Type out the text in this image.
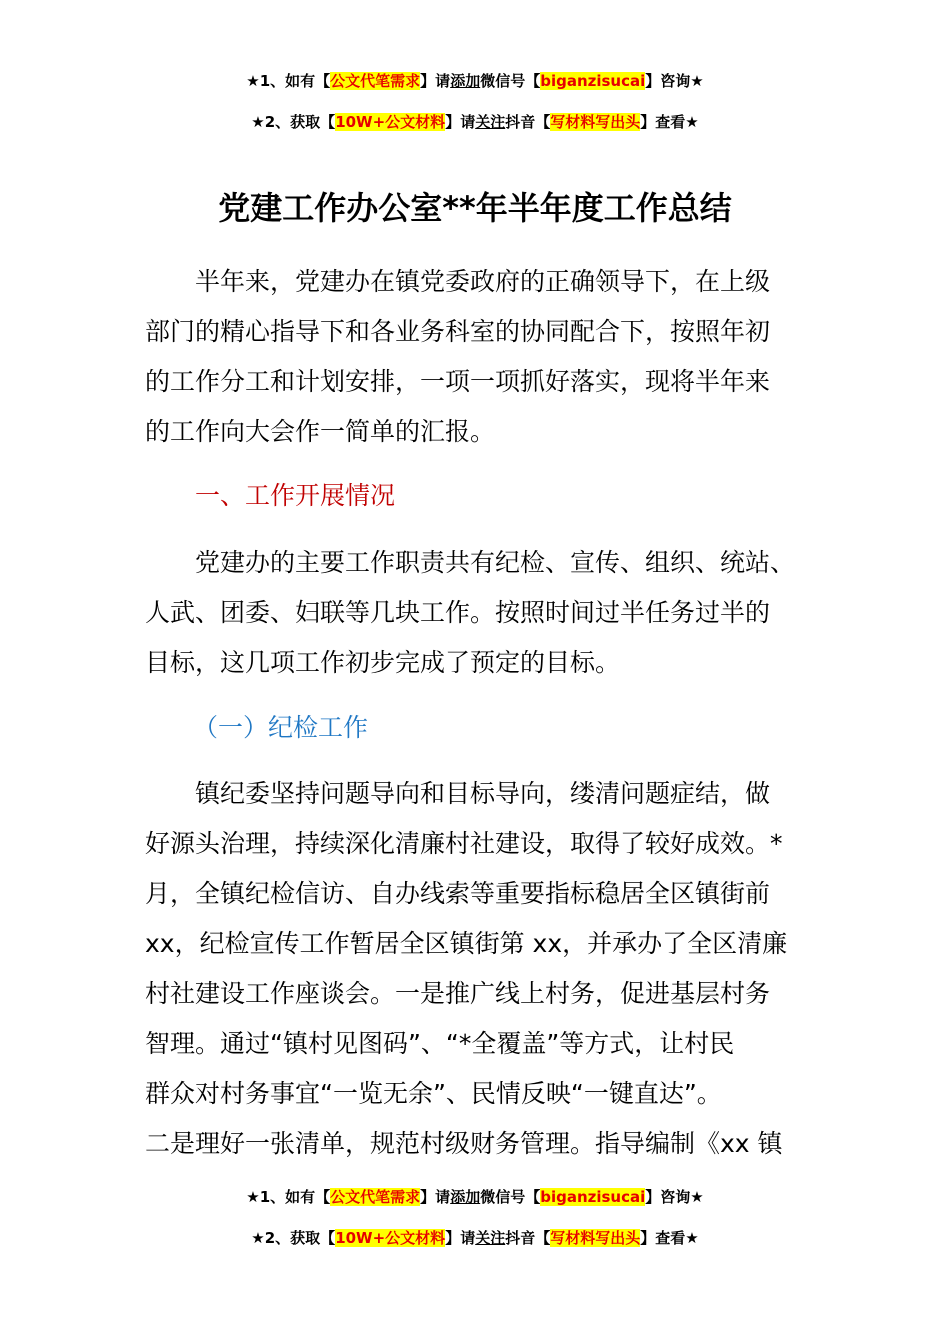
★1、如有【公文代笔需求】请添加微信号【biganzisucai】咨询★
★2、获取【10W+公文材料】请关注抖音【写材料写出头】查看★
党建工作办公室**年半年度工作总结
　　半年来，党建办在镇党委政府的正确领导下，在上级
部门的精心指导下和各业务科室的协同配合下，按照年初
的工作分工和计划安排，一项一项抓好落实，现将半年来
的工作向大会作一简单的汇报。
一、工作开展情况
　　党建办的主要工作职责共有纪检、宣传、组织、统站、
人武、团委、妇联等几块工作。按照时间过半任务过半的
目标，这几项工作初步完成了预定的目标。
（一）纪检工作
　　镇纪委坚持问题导向和目标导向，缕清问题症结，做
好源头治理，持续深化清廉村社建设，取得了较好成效。*
月，全镇纪检信访、自办线索等重要指标稳居全区镇街前
xx，纪检宣传工作暂居全区镇街第 xx，并承办了全区清廉
村社建设工作座谈会。一是推广线上村务，促进基层村务
智理。通过“镇村见图码”、“*全覆盖”等方式，让村民
群众对村务事宜“一览无余”、民情反映“一键直达”。
二是理好一张清单，规范村级财务管理。指导编制《xx 镇
★1、如有【公文代笔需求】请添加微信号【biganzisucai】咨询★
★2、获取【10W+公文材料】请关注抖音【写材料写出头】查看★
